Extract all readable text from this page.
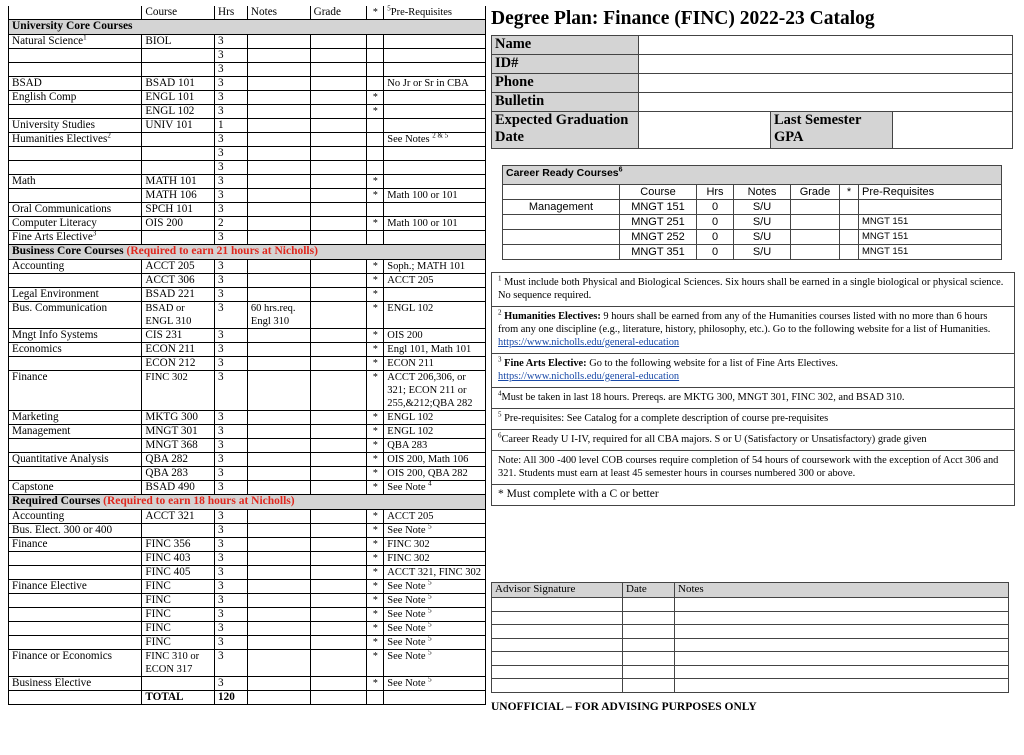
	Course	Hrs	Notes	Grade	*	$^5$Pre-Requisites
University Core Courses						
Natural Science$^1$	BIOL	3				
		3				
		3				
BSAD	BSAD 101	3				No Jr or Sr in CBA
English Comp	ENGL 101	3			*	
	ENGL 102	3			*	
University Studies	UNIV 101	1				
Humanities Electives$^2$		3				See Notes $^{2 \& 5}$
		3				
		3				
Math	MATH 101	3			*	
	MATH 106	3			*	Math 100 or 101
Oral Communications	SPCH 101	3				
Computer Literacy	OIS 200	2			*	Math 100 or 101
Fine Arts Elective$^3$		3				
Business Core Courses (Required to earn 21 hours at Nicholls)						
Accounting	ACCT 205	3			*	Soph.; MATH 101
	ACCT 306	3			*	ACCT 205
Legal Environment	BSAD 221	3			*	
Bus. Communication	BSAD or ENGL 310	3	60 hrs.req. Engl 310		*	ENGL 102
Mngt Info Systems	CIS 231	3			*	OIS 200
Economics	ECON 211	3			*	Engl 101, Math 101
	ECON 212	3			*	ECON 211
Finance	FINC 302	3			*	ACCT 206,306, or 321; ECON 211 or 255,&212;QBA 282
Marketing	MKTG 300	3			*	ENGL 102
Management	MNGT 301	3			*	ENGL 102
	MNGT 368	3			*	QBA 283
Quantitative Analysis	QBA 282	3			*	OIS 200, Math 106
	QBA 283	3			*	OIS 200, QBA 282
Capstone	BSAD 490	3			*	See Note $^4$
Required Courses (Required to earn 18 hours at Nicholls)						
Accounting	ACCT 321	3			*	ACCT 205
Bus. Elect. 300 or 400		3			*	See Note $^5$
Finance	FINC 356	3			*	FINC 302
	FINC 403	3			*	FINC 302
	FINC 405	3			*	ACCT 321, FINC 302
Finance Elective	FINC	3			*	See Note $^5$
	FINC	3			*	See Note $^5$
	FINC	3			*	See Note $^5$
	FINC	3			*	See Note $^5$
	FINC	3			*	See Note $^5$
Finance or Economics	FINC 310 or ECON 317	3			*	See Note $^5$
Business Elective		3			*	See Note $^5$
	TOTAL	120				
Degree Plan: Finance (FINC) 2022-23 Catalog
Name			
ID#			
Phone			
Bulletin			
Expected Graduation Date		Last Semester GPA	
Career Ready Courses$^6$
	Course	Hrs	Notes	Grade	*	Pre-Requisites
Management	MNGT 151	0	S/U			
	MNGT 251	0	S/U			MNGT 151
	MNGT 252	0	S/U			MNGT 151
	MNGT 351	0	S/U			MNGT 151
$^1$ Must include both Physical and Biological Sciences. Six hours shall be earned in a single biological or physical science. No sequence required.
$^2$ Humanities Electives: 9 hours shall be earned from any of the Humanities courses listed with no more than 6 hours from any one discipline (e.g., literature, history, philosophy, etc.). Go to the following website for a list of Humanities.
https://www.nicholls.edu/general-education
$^3$ Fine Arts Elective: Go to the following website for a list of Fine Arts Electives.
https://www.nicholls.edu/general-education
$^4$Must be taken in last 18 hours. Prereqs. are MKTG 300, MNGT 301, FINC 302, and BSAD 310.
$^5$ Pre-requisites: See Catalog for a complete description of course pre-requisites
$^6$Career Ready U I-IV, required for all CBA majors. S or U (Satisfactory or Unsatisfactory) grade given
Note: All 300 -400 level COB courses require completion of 54 hours of coursework with the exception of Acct 306 and 321. Students must earn at least 45 semester hours in courses numbered 300 or above.
* Must complete with a C or better
Advisor Signature	Date	Notes

UNOFFICIAL – FOR ADVISING PURPOSES ONLY
